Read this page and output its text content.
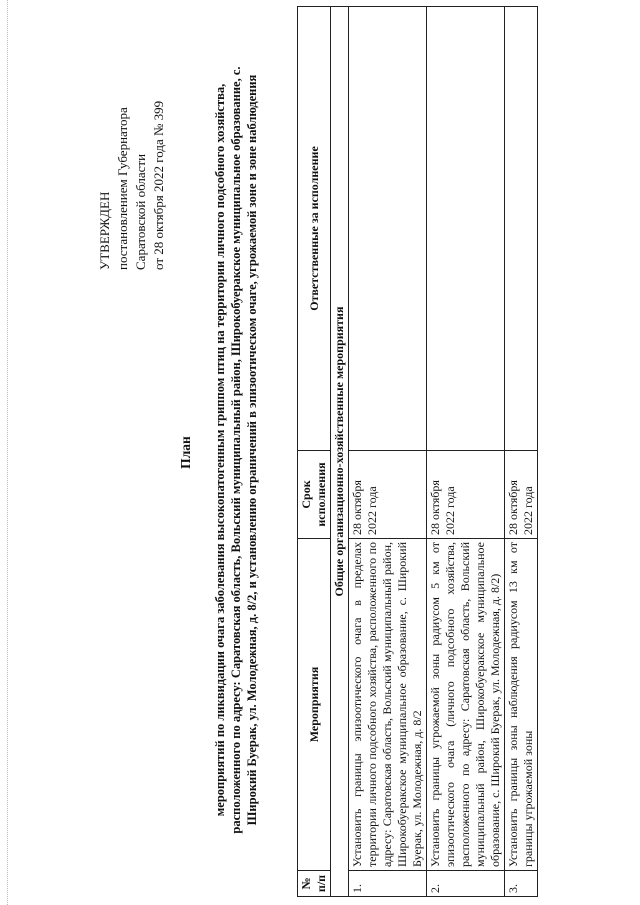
УТВЕРЖДЕН постановлением Губернатора Саратовской области от 28 октября 2022 года № 399
План мероприятий по ликвидации очага заболевания высокопатогенным гриппом птиц на территории личного подсобного хозяйства, расположенного по адресу: Саратовская область, Вольский муниципальный район, Широкобуеракское муниципальное образование, с. Широкий Буерак, ул. Молодежная, д. 8/2, и установлению ограничений в эпизоотическом очаге, угрожаемой зоне и зоне наблюдения
№ п/п	Мероприятия	Срок исполнения	Ответственные за исполнение
Общие организационно-хозяйственные мероприятия			
1.	Установить границы эпизоотического очага в пределах территории личного подсобного хозяйства, расположенного по адресу: Саратовская область, Вольский муниципальный район, Широкобуеракское муниципальное образование, с. Широкий Буерак, ул. Молодежная, д. 8/2	28 октября 2022 года	
2.	Установить границы угрожаемой зоны радиусом 5 км от эпизоотического очага (личного подсобного хозяйства, расположенного по адресу: Саратовская область, Вольский муниципальный район, Широкобуеракское муниципальное образование, с. Широкий Буерак, ул. Молодежная, д. 8/2)	28 октября 2022 года	
3.	Установить границы зоны наблюдения радиусом 13 км от границы угрожаемой зоны	28 октября 2022 года	
